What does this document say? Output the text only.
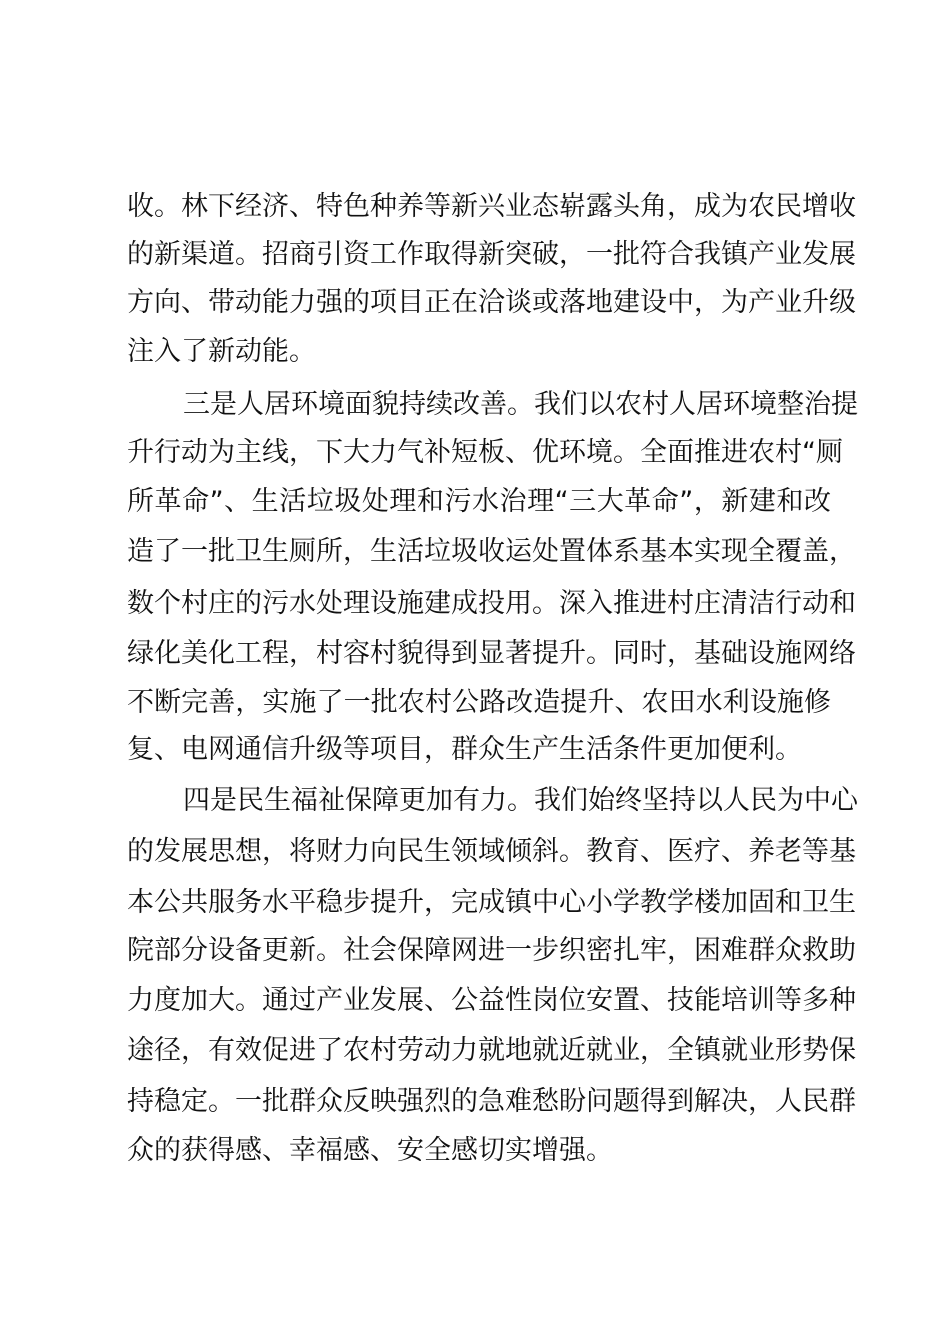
收。林下经济、特色种养等新兴业态崭露头角，成为农民增收
的新渠道。招商引资工作取得新突破，一批符合我镇产业发展
方向、带动能力强的项目正在洽谈或落地建设中，为产业升级
注入了新动能。
三是人居环境面貌持续改善。我们以农村人居环境整治提
升行动为主线，下大力气补短板、优环境。全面推进农村“厕
所革命”、生活垃圾处理和污水治理“三大革命”，新建和改
造了一批卫生厕所，生活垃圾收运处置体系基本实现全覆盖，
数个村庄的污水处理设施建成投用。深入推进村庄清洁行动和
绿化美化工程，村容村貌得到显著提升。同时，基础设施网络
不断完善，实施了一批农村公路改造提升、农田水利设施修
复、电网通信升级等项目，群众生产生活条件更加便利。
四是民生福祉保障更加有力。我们始终坚持以人民为中心
的发展思想，将财力向民生领域倾斜。教育、医疗、养老等基
本公共服务水平稳步提升，完成镇中心小学教学楼加固和卫生
院部分设备更新。社会保障网进一步织密扎牢，困难群众救助
力度加大。通过产业发展、公益性岗位安置、技能培训等多种
途径，有效促进了农村劳动力就地就近就业，全镇就业形势保
持稳定。一批群众反映强烈的急难愁盼问题得到解决，人民群
众的获得感、幸福感、安全感切实增强。
